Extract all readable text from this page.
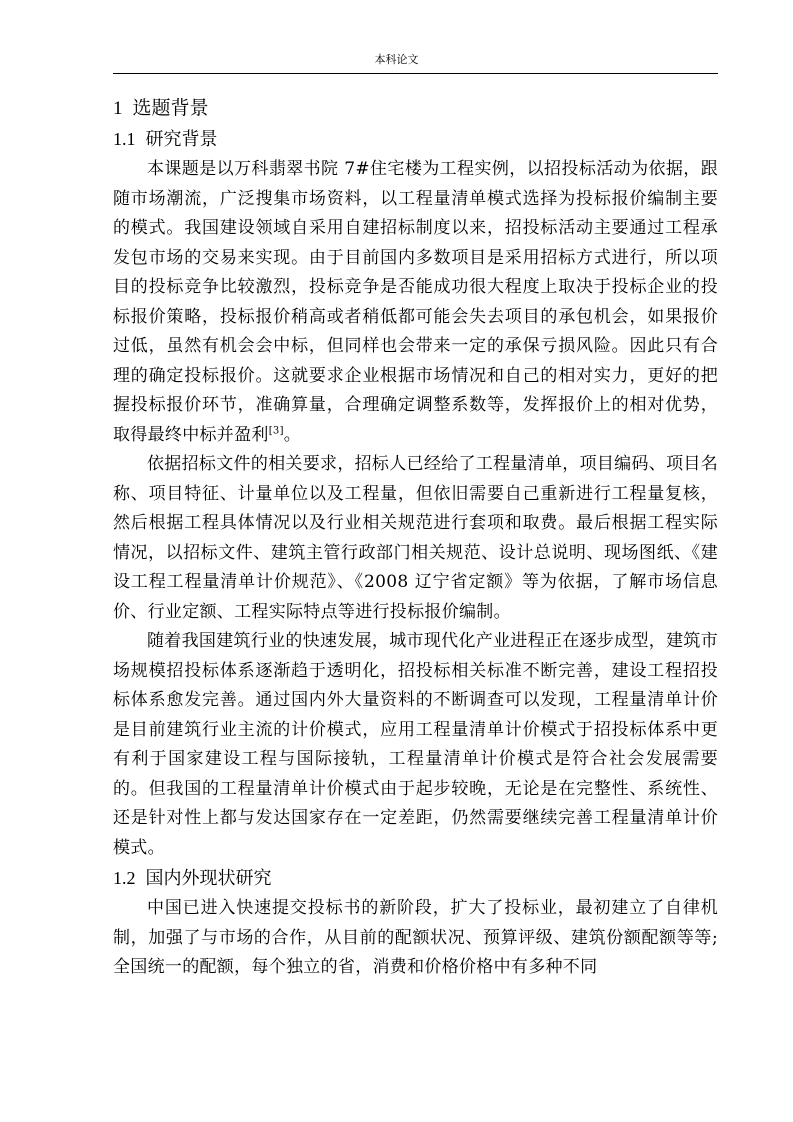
本科论文
1 选题背景
1.1 研究背景

本课题是以万科翡翠书院 7#住宅楼为工程实例，以招投标活动为依据，跟随市场潮流，广泛搜集市场资料，以工程量清单模式选择为投标报价编制主要的模式。我国建设领域自采用自建招标制度以来，招投标活动主要通过工程承发包市场的交易来实现。由于目前国内多数项目是采用招标方式进行，所以项目的投标竞争比较激烈，投标竞争是否能成功很大程度上取决于投标企业的投标报价策略，投标报价稍高或者稍低都可能会失去项目的承包机会，如果报价过低，虽然有机会会中标，但同样也会带来一定的承保亏损风险。因此只有合理的确定投标报价。这就要求企业根据市场情况和自己的相对实力，更好的把握投标报价环节，准确算量，合理确定调整系数等，发挥报价上的相对优势，取得最终中标并盈利[3]。

依据招标文件的相关要求，招标人已经给了工程量清单，项目编码、项目名称、项目特征、计量单位以及工程量，但依旧需要自己重新进行工程量复核，然后根据工程具体情况以及行业相关规范进行套项和取费。最后根据工程实际情况，以招标文件、建筑主管行政部门相关规范、设计总说明、现场图纸、《建设工程工程量清单计价规范》、《2008 辽宁省定额》等为依据，了解市场信息价、行业定额、工程实际特点等进行投标报价编制。

随着我国建筑行业的快速发展，城市现代化产业进程正在逐步成型，建筑市场规模招投标体系逐渐趋于透明化，招投标相关标准不断完善，建设工程招投标体系愈发完善。通过国内外大量资料的不断调查可以发现，工程量清单计价是目前建筑行业主流的计价模式，应用工程量清单计价模式于招投标体系中更有利于国家建设工程与国际接轨，工程量清单计价模式是符合社会发展需要的。但我国的工程量清单计价模式由于起步较晚，无论是在完整性、系统性、还是针对性上都与发达国家存在一定差距，仍然需要继续完善工程量清单计价模式。

1.2 国内外现状研究

中国已进入快速提交投标书的新阶段，扩大了投标业，最初建立了自律机制，加强了与市场的合作，从目前的配额状况、预算评级、建筑份额配额等等;全国统一的配额，每个独立的省，消费和价格价格中有多种不同
